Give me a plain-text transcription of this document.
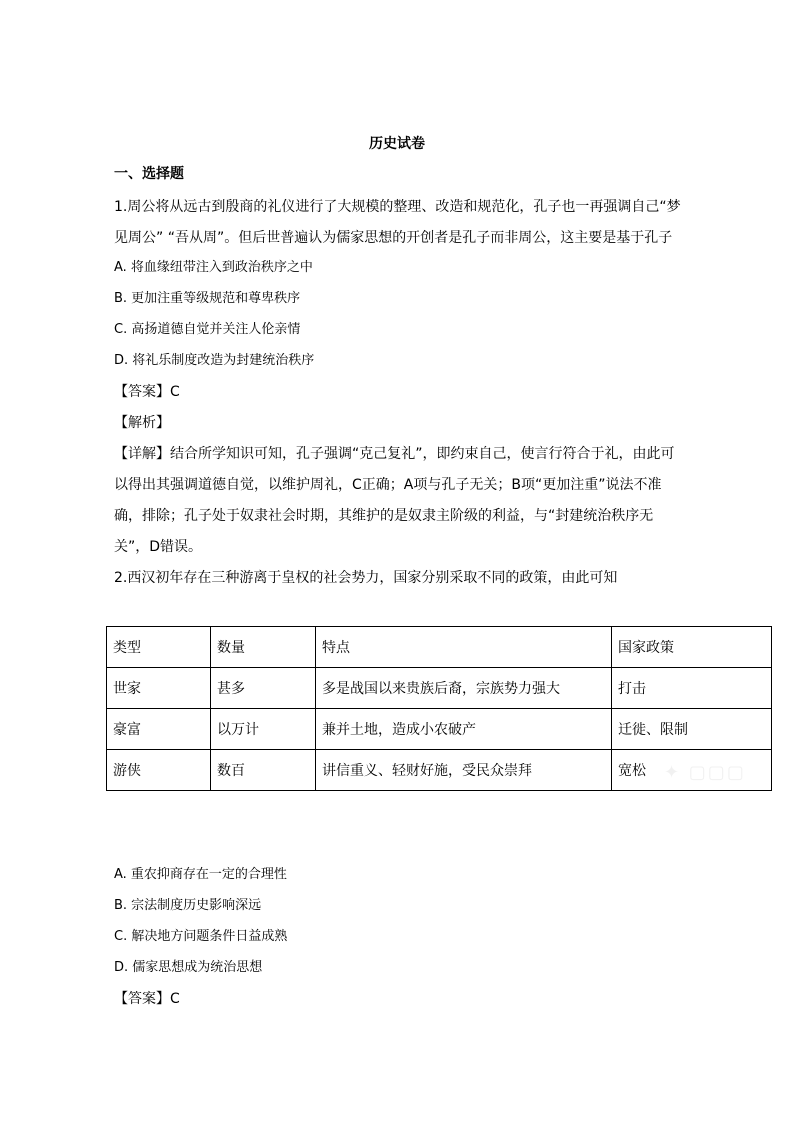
历史试卷
一、选择题
1.周公将从远古到殷商的礼仪进行了大规模的整理、改造和规范化，孔子也一再强调自己“梦
见周公” “吾从周”。但后世普遍认为儒家思想的开创者是孔子而非周公，这主要是基于孔子
A. 将血缘纽带注入到政治秩序之中
B. 更加注重等级规范和尊卑秩序
C. 高扬道德自觉并关注人伦亲情
D. 将礼乐制度改造为封建统治秩序
【答案】C
【解析】
【详解】结合所学知识可知，孔子强调“克己复礼”，即约束自己，使言行符合于礼，由此可
以得出其强调道德自觉，以维护周礼，C正确；A项与孔子无关；B项“更加注重”说法不准
确，排除；孔子处于奴隶社会时期，其维护的是奴隶主阶级的利益，与“封建统治秩序无
关”，D错误。
2.西汉初年存在三种游离于皇权的社会势力，国家分别采取不同的政策，由此可知
类型	数量	特点	国家政策
世家	甚多	多是战国以来贵族后裔，宗族势力强大	打击
豪富	以万计	兼并土地，造成小农破产	迁徙、限制
游侠	数百	讲信重义、轻财好施，受民众崇拜	宽松 ✦ ▢▢▢
A. 重农抑商存在一定的合理性
B. 宗法制度历史影响深远
C. 解决地方问题条件日益成熟
D. 儒家思想成为统治思想
【答案】C
